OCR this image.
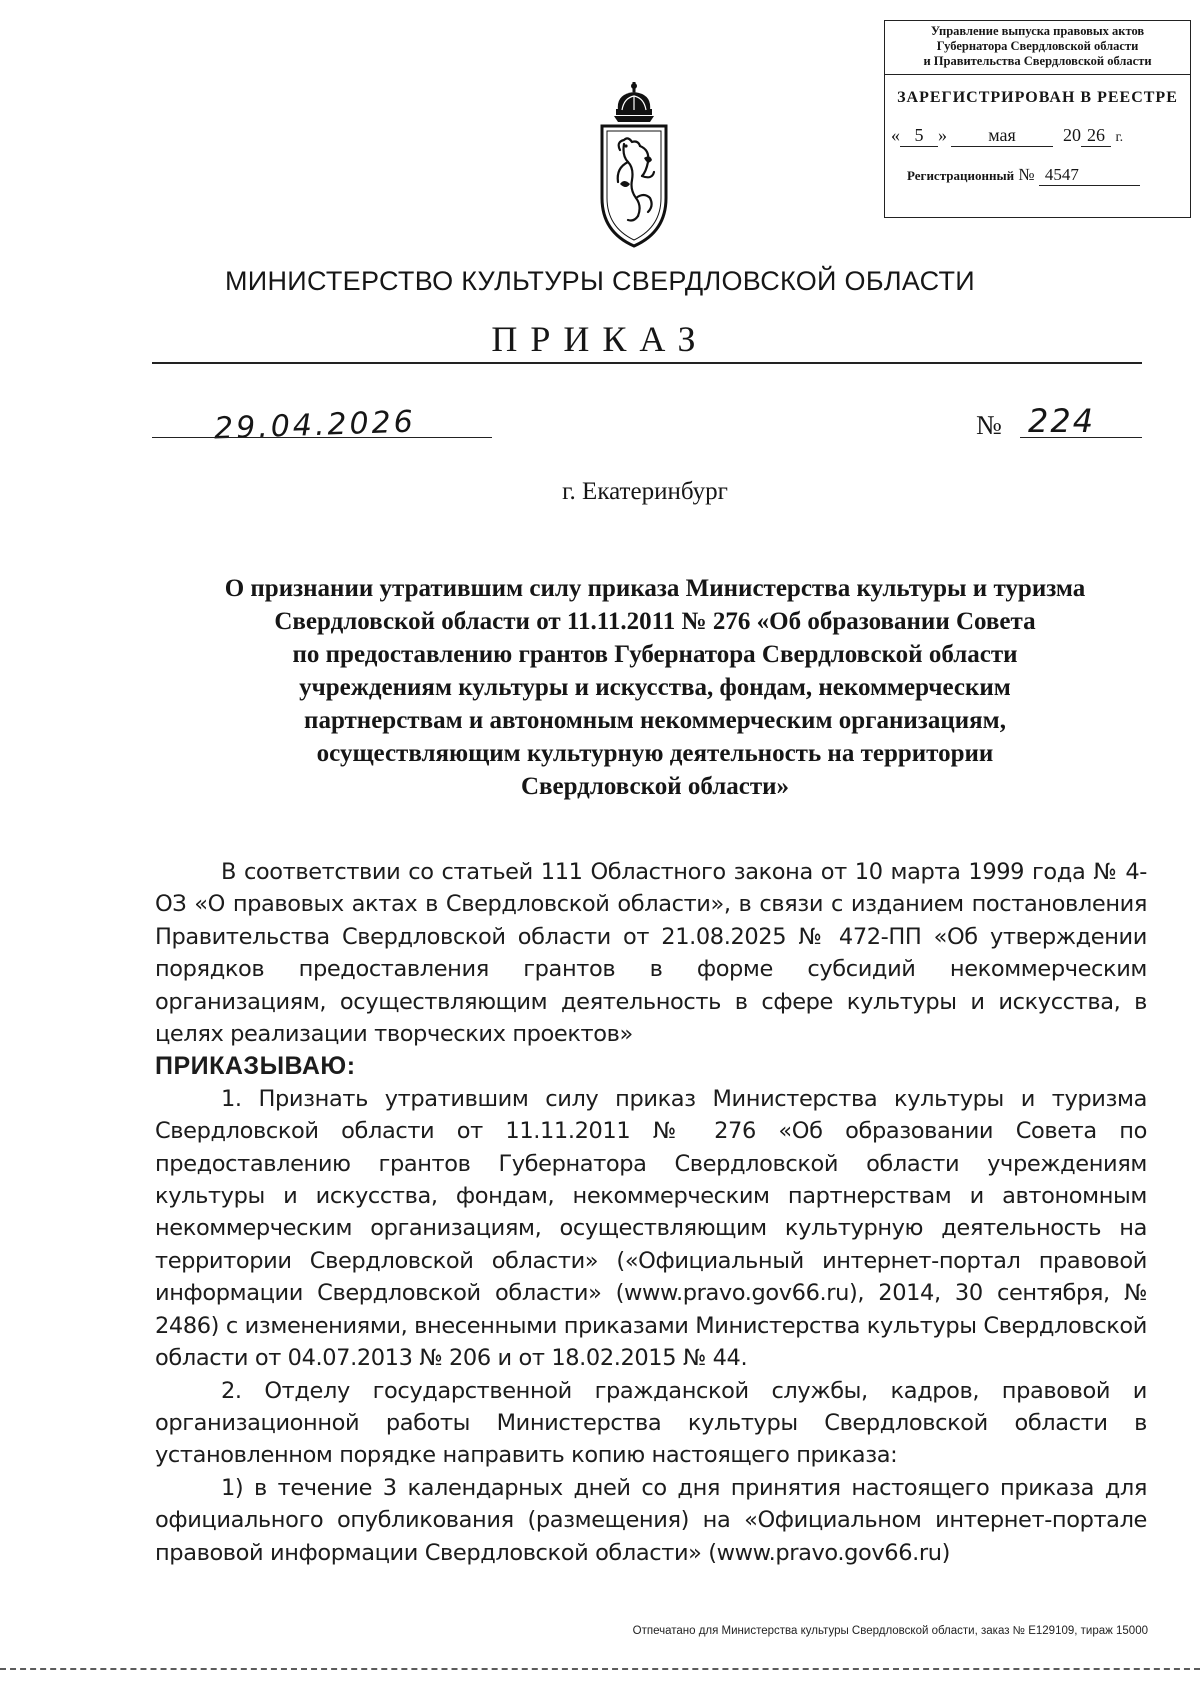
Управление выпуска правовых актов
Губернатора Свердловской области
и Правительства Свердловской области
ЗАРЕГИСТРИРОВАН В РЕЕСТРЕ
« 5 » мая	20 26 г.
Регистрационный № 4547
МИНИСТЕРСТВО КУЛЬТУРЫ СВЕРДЛОВСКОЙ ОБЛАСТИ
ПРИКАЗ
29.04.2026	№ 224
г. Екатеринбург
О признании утратившим силу приказа Министерства культуры и туризма
Свердловской области от 11.11.2011 № 276 «Об образовании Совета
по предоставлению грантов Губернатора Свердловской области
учреждениям культуры и искусства, фондам, некоммерческим
партнерствам и автономным некоммерческим организациям,
осуществляющим культурную деятельность на территории
Свердловской области»

В соответствии со статьей 111 Областного закона от 10 марта 1999 года № 4-ОЗ «О правовых актах в Свердловской области», в связи с изданием постановления Правительства Свердловской области от 21.08.2025 № 472-ПП «Об утверждении порядков предоставления грантов в форме субсидий некоммерческим организациям, осуществляющим деятельность в сфере культуры и искусства, в целях реализации творческих проектов»

ПРИКАЗЫВАЮ:

1. Признать утратившим силу приказ Министерства культуры и туризма Свердловской области от 11.11.2011 № 276 «Об образовании Совета по предоставлению грантов Губернатора Свердловской области учреждениям культуры и искусства, фондам, некоммерческим партнерствам и автономным некоммерческим организациям, осуществляющим культурную деятельность на территории Свердловской области» («Официальный интернет-портал правовой информации Свердловской области» (www.pravo.gov66.ru), 2014, 30 сентября, № 2486) с изменениями, внесенными приказами Министерства культуры Свердловской области от 04.07.2013 № 206 и от 18.02.2015 № 44.

2. Отделу государственной гражданской службы, кадров, правовой и организационной работы Министерства культуры Свердловской области в установленном порядке направить копию настоящего приказа:

1) в течение 3 календарных дней со дня принятия настоящего приказа для официального опубликования (размещения) на «Официальном интернет-портале правовой информации Свердловской области» (www.pravo.gov66.ru)

Отпечатано для Министерства культуры Свердловской области, заказ № Е129109, тираж 15000
